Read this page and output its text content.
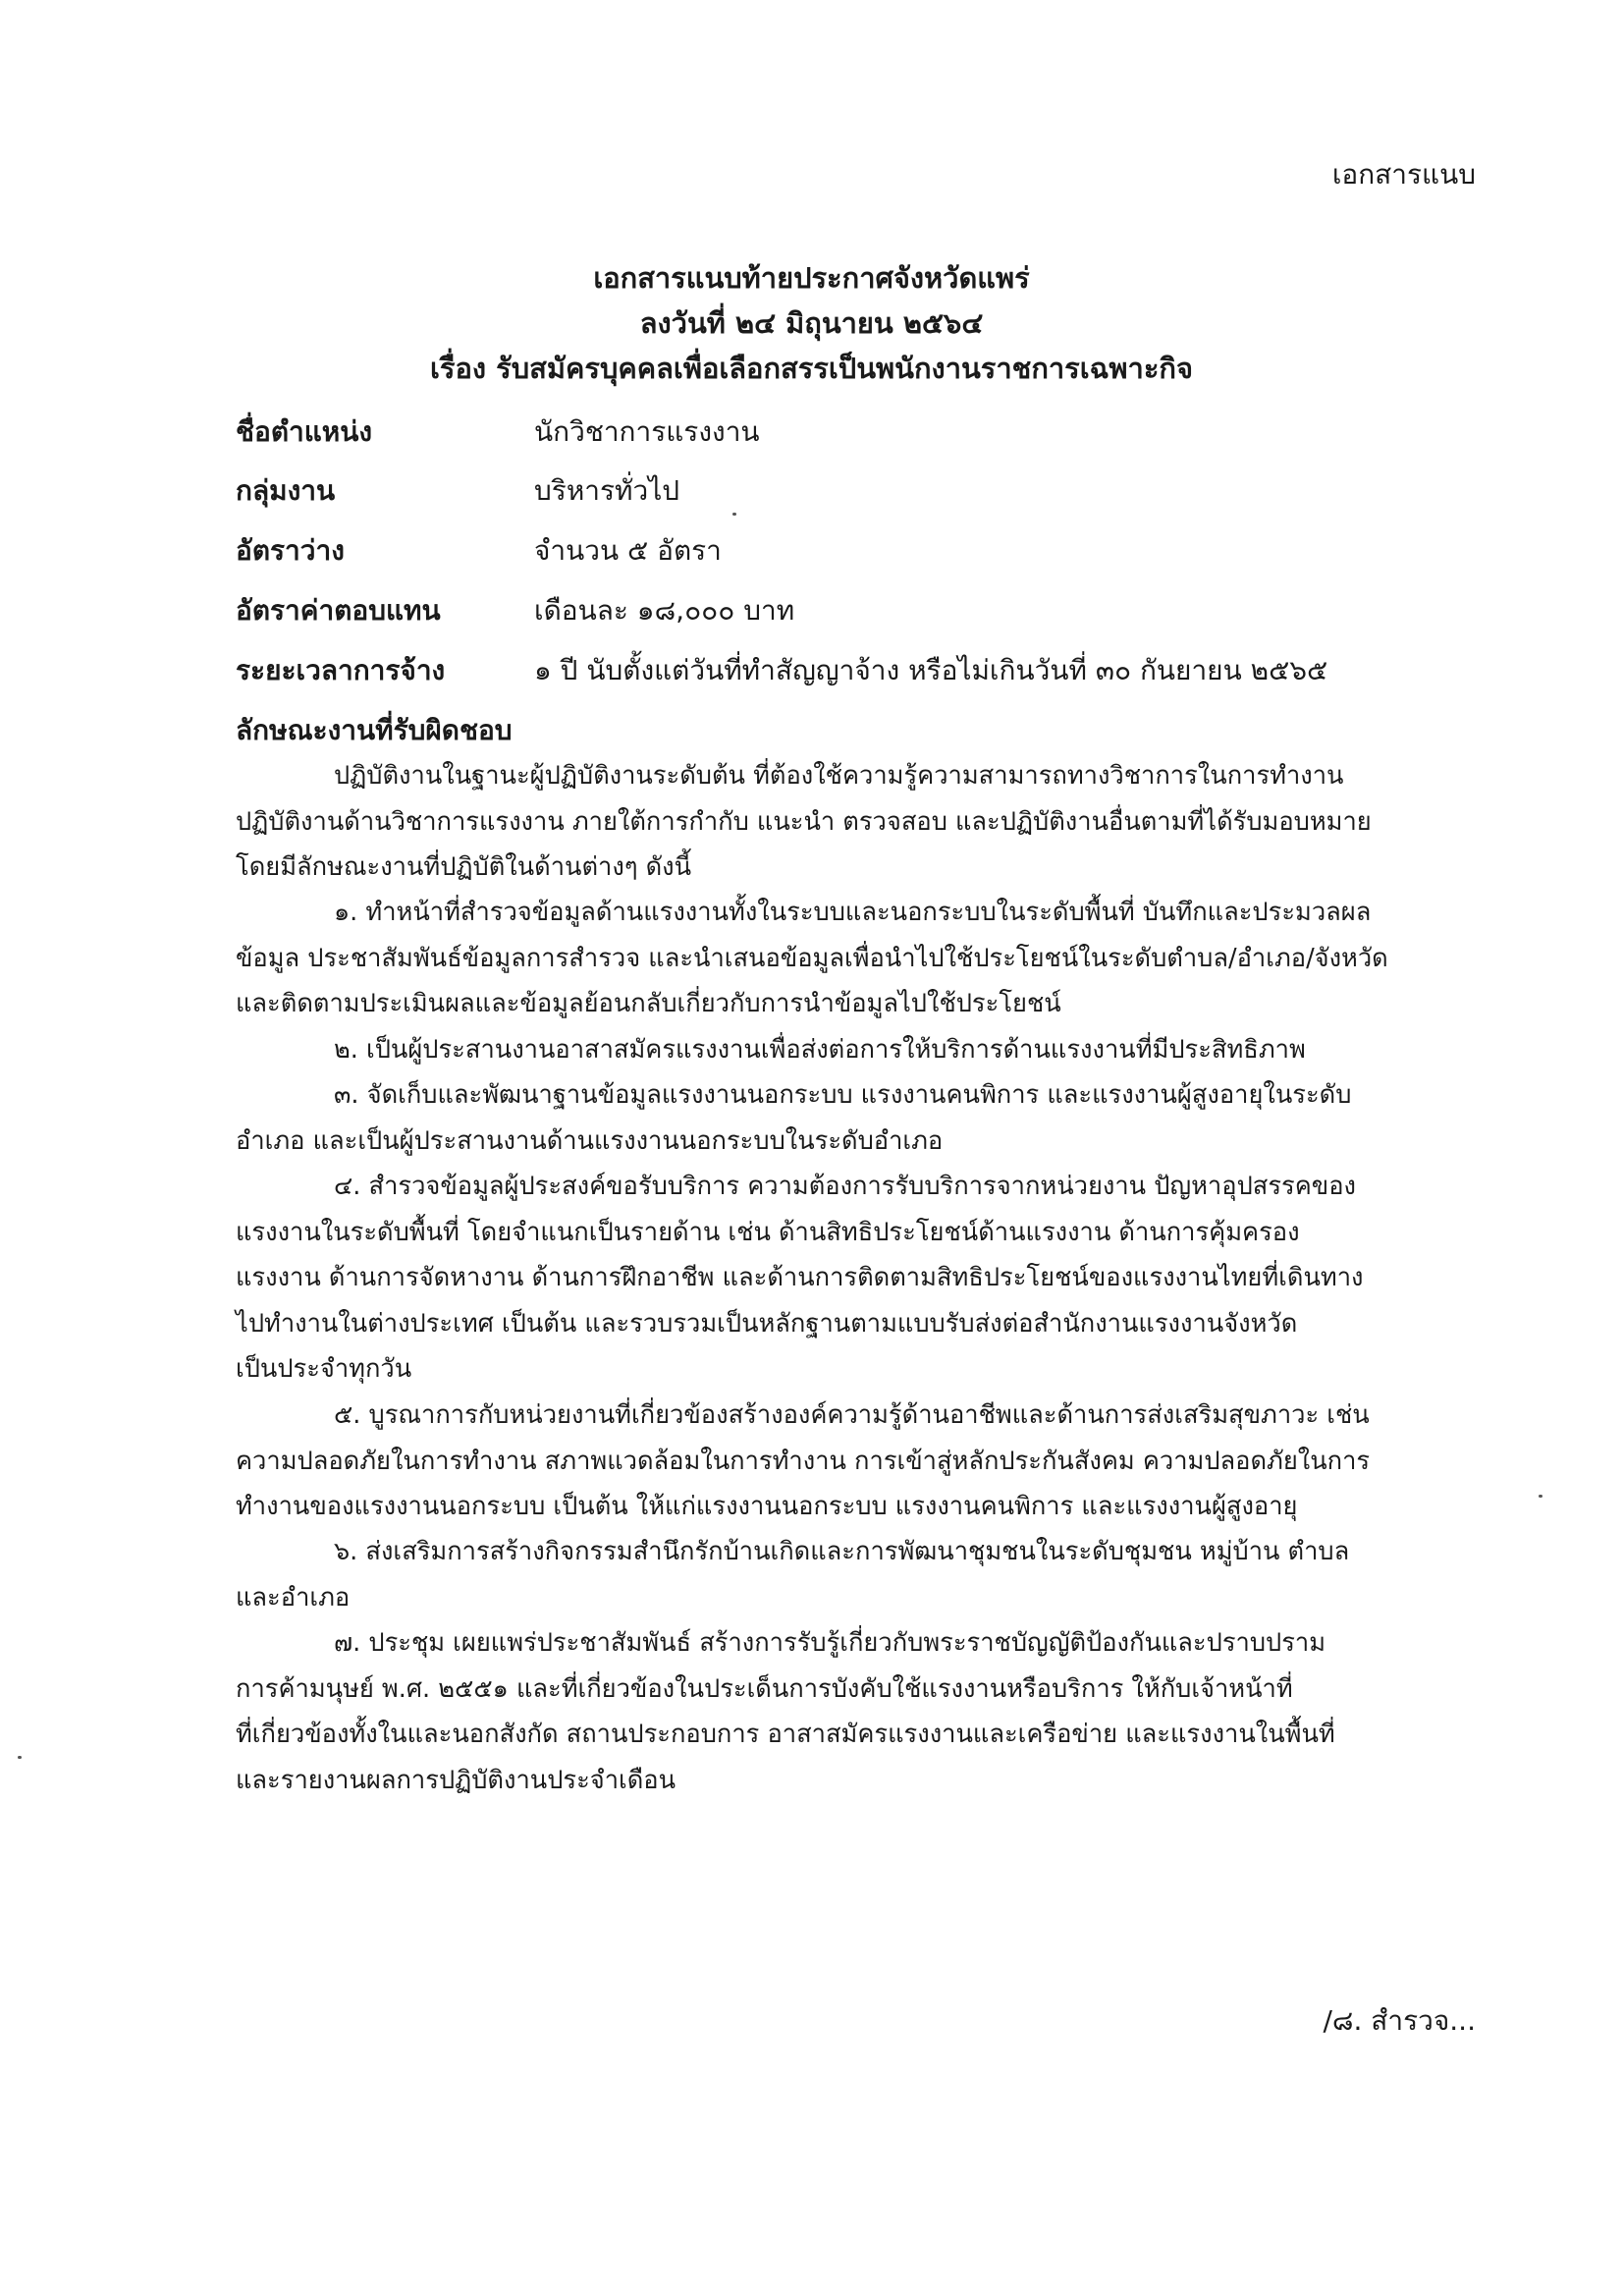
เอกสารแนบ
เอกสารแนบท้ายประกาศจังหวัดแพร่
ลงวันที่ ๒๔ มิถุนายน ๒๕๖๔
เรื่อง รับสมัครบุคคลเพื่อเลือกสรรเป็นพนักงานราชการเฉพาะกิจ
ชื่อตำแหน่ง	นักวิชาการแรงงาน
กลุ่มงาน	บริหารทั่วไป
อัตราว่าง	จำนวน ๕ อัตรา
อัตราค่าตอบแทน	เดือนละ ๑๘,๐๐๐ บาท
ระยะเวลาการจ้าง	๑ ปี นับตั้งแต่วันที่ทำสัญญาจ้าง หรือไม่เกินวันที่ ๓๐ กันยายน ๒๕๖๕
ลักษณะงานที่รับผิดชอบ
ปฏิบัติงานในฐานะผู้ปฏิบัติงานระดับต้น ที่ต้องใช้ความรู้ความสามารถทางวิชาการในการทำงาน
ปฏิบัติงานด้านวิชาการแรงงาน ภายใต้การกำกับ แนะนำ ตรวจสอบ และปฏิบัติงานอื่นตามที่ได้รับมอบหมาย
โดยมีลักษณะงานที่ปฏิบัติในด้านต่างๆ ดังนี้
๑. ทำหน้าที่สำรวจข้อมูลด้านแรงงานทั้งในระบบและนอกระบบในระดับพื้นที่ บันทึกและประมวลผล
ข้อมูล ประชาสัมพันธ์ข้อมูลการสำรวจ และนำเสนอข้อมูลเพื่อนำไปใช้ประโยชน์ในระดับตำบล/อำเภอ/จังหวัด
และติดตามประเมินผลและข้อมูลย้อนกลับเกี่ยวกับการนำข้อมูลไปใช้ประโยชน์
๒. เป็นผู้ประสานงานอาสาสมัครแรงงานเพื่อส่งต่อการให้บริการด้านแรงงานที่มีประสิทธิภาพ
๓. จัดเก็บและพัฒนาฐานข้อมูลแรงงานนอกระบบ แรงงานคนพิการ และแรงงานผู้สูงอายุในระดับ
อำเภอ และเป็นผู้ประสานงานด้านแรงงานนอกระบบในระดับอำเภอ
๔. สำรวจข้อมูลผู้ประสงค์ขอรับบริการ ความต้องการรับบริการจากหน่วยงาน ปัญหาอุปสรรคของ
แรงงานในระดับพื้นที่ โดยจำแนกเป็นรายด้าน เช่น ด้านสิทธิประโยชน์ด้านแรงงาน ด้านการคุ้มครอง
แรงงาน ด้านการจัดหางาน ด้านการฝึกอาชีพ และด้านการติดตามสิทธิประโยชน์ของแรงงานไทยที่เดินทาง
ไปทำงานในต่างประเทศ เป็นต้น และรวบรวมเป็นหลักฐานตามแบบรับส่งต่อสำนักงานแรงงานจังหวัด
เป็นประจำทุกวัน
๕. บูรณาการกับหน่วยงานที่เกี่ยวข้องสร้างองค์ความรู้ด้านอาชีพและด้านการส่งเสริมสุขภาวะ เช่น
ความปลอดภัยในการทำงาน สภาพแวดล้อมในการทำงาน การเข้าสู่หลักประกันสังคม ความปลอดภัยในการ
ทำงานของแรงงานนอกระบบ เป็นต้น ให้แก่แรงงานนอกระบบ แรงงานคนพิการ และแรงงานผู้สูงอายุ
๖. ส่งเสริมการสร้างกิจกรรมสำนึกรักบ้านเกิดและการพัฒนาชุมชนในระดับชุมชน หมู่บ้าน ตำบล
และอำเภอ
๗. ประชุม เผยแพร่ประชาสัมพันธ์ สร้างการรับรู้เกี่ยวกับพระราชบัญญัติป้องกันและปราบปราม
การค้ามนุษย์ พ.ศ. ๒๕๕๑ และที่เกี่ยวข้องในประเด็นการบังคับใช้แรงงานหรือบริการ ให้กับเจ้าหน้าที่
ที่เกี่ยวข้องทั้งในและนอกสังกัด สถานประกอบการ อาสาสมัครแรงงานและเครือข่าย และแรงงานในพื้นที่
และรายงานผลการปฏิบัติงานประจำเดือน
/๘. สำรวจ...
